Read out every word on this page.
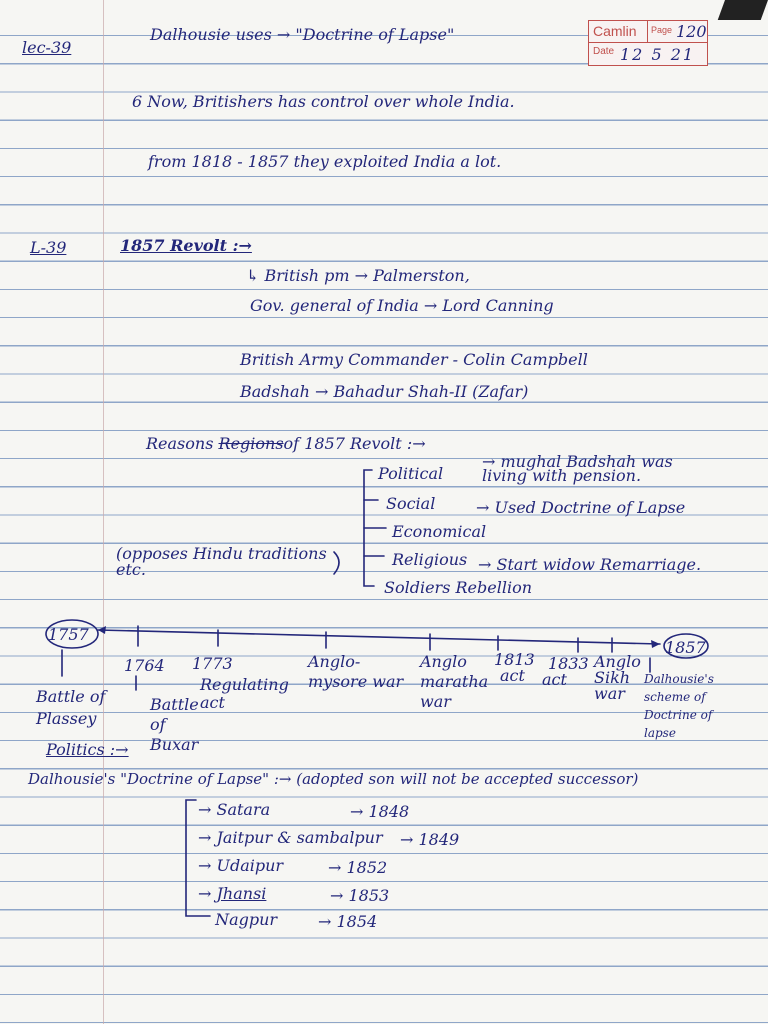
lec-39
Dalhousie uses → "Doctrine of Lapse"	Camlin Page
Date
120
12 5 21
6 Now, Britishers has control over whole India.
from 1818 - 1857 they exploited India a lot.
L-39	1857 Revolt :→
↳ British pm → Palmerston,
Gov. general of India → Lord Canning
British Army Commander - Colin Campbell
Badshah → Bahadur Shah-II (Zafar)
Reasons Regionsof 1857 Revolt :→
Political
→ mughal Badshah was living with pension.
Social	→ Used Doctrine of Lapse
Economical
Religious → Start widow Remarriage.
Soldiers Rebellion
(opposes Hindu traditions etc.
1757
1857
Battle of Plassey
1764
Battle of Buxar
1773
Regulating act
Anglo-mysore war
Anglo maratha war
1813
act
1833
act
Anglo Sikh war
Dalhousie's scheme of Doctrine of lapse
Politics :→
Dalhousie's "Doctrine of Lapse" :→ (adopted son will not be accepted successor)
→ Satara	→ 1848
→ Jaitpur & sambalpur → 1849
→ Udaipur	→ 1852
→ Jhansi	→ 1853
Nagpur	→ 1854
